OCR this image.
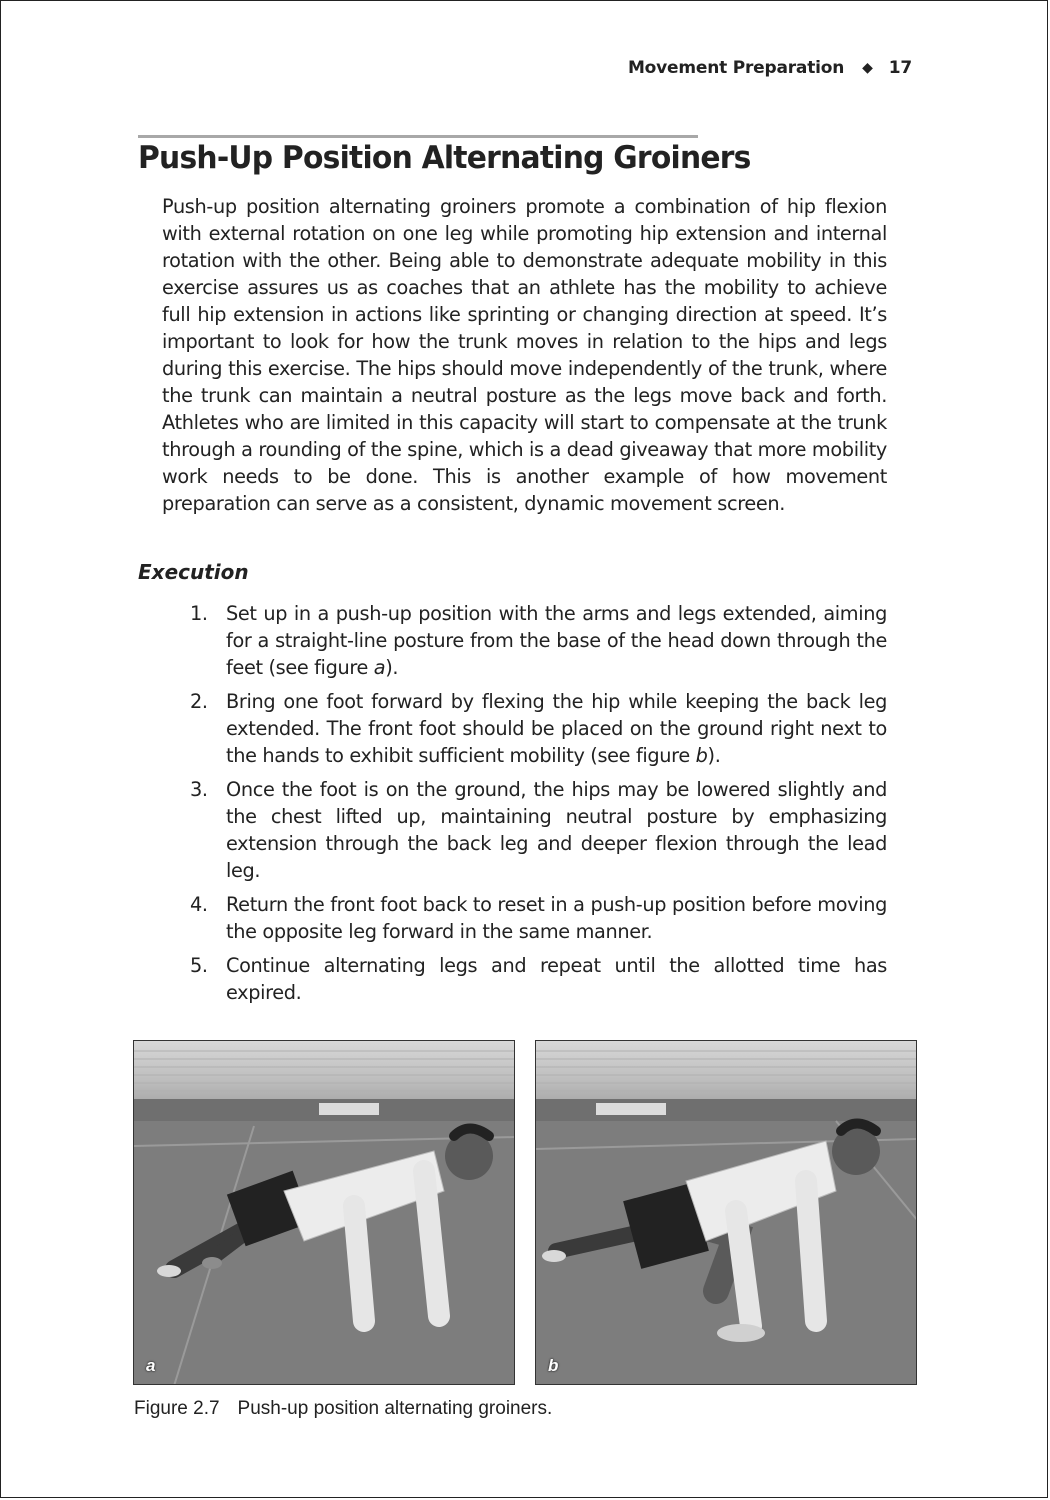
Movement Preparation ◆ 17
Push-Up Position Alternating Groiners

Push-up position alternating groiners promote a combination of hip flexion with external rotation on one leg while promoting hip extension and internal rotation with the other. Being able to demonstrate adequate mobility in this exercise assures us as coaches that an athlete has the mobility to achieve full hip extension in actions like sprinting or changing direction at speed. It’s important to look for how the trunk moves in relation to the hips and legs during this exercise. The hips should move independently of the trunk, where the trunk can maintain a neutral posture as the legs move back and forth. Athletes who are limited in this capacity will start to compensate at the trunk through a rounding of the spine, which is a dead giveaway that more mobility work needs to be done. This is another example of how movement preparation can serve as a consistent, dynamic movement screen.

Execution
1. Set up in a push-up position with the arms and legs extended, aiming for a straight-line posture from the base of the head down through the feet (see figure a).
2. Bring one foot forward by flexing the hip while keeping the back leg extended. The front foot should be placed on the ground right next to the hands to exhibit sufficient mobility (see figure b).
3. Once the foot is on the ground, the hips may be lowered slightly and the chest lifted up, maintaining neutral posture by emphasizing extension through the back leg and deeper flexion through the lead leg.
4. Return the front foot back to reset in a push-up position before moving the opposite leg forward in the same manner.
5. Continue alternating legs and repeat until the allotted time has expired.
a	b

Figure 2.7 Push-up position alternating groiners.
